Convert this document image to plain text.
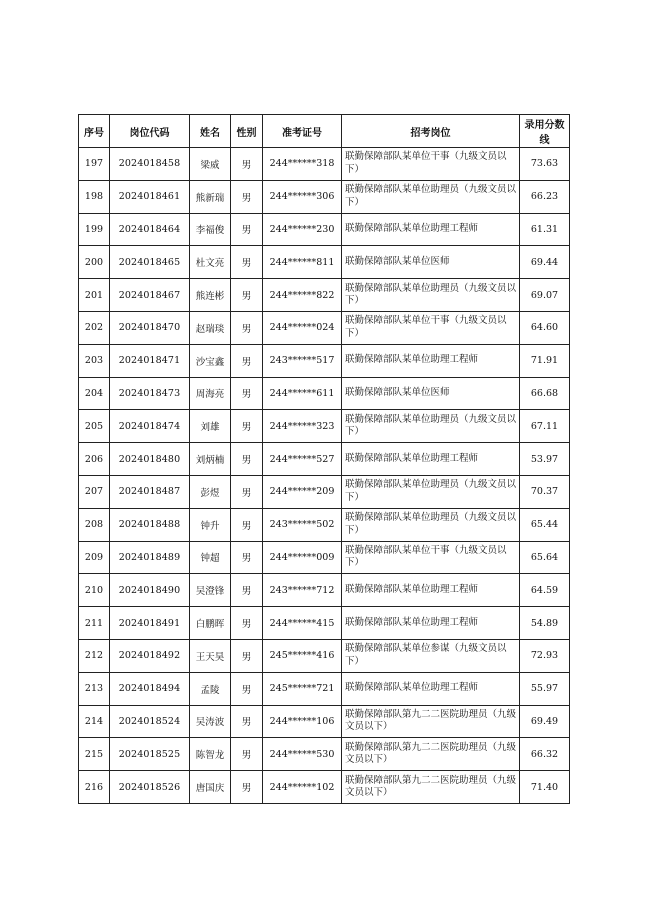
序号	岗位代码	姓名	性别	准考证号	招考岗位	录用分数线
197	2024018458	梁威	男	244******318	联勤保障部队某单位干事（九级文员以下）	73.63
198	2024018461	熊新瑞	男	244******306	联勤保障部队某单位助理员（九级文员以下）	66.23
199	2024018464	李福俊	男	244******230	联勤保障部队某单位助理工程师	61.31
200	2024018465	杜文亮	男	244******811	联勤保障部队某单位医师	69.44
201	2024018467	熊连彬	男	244******822	联勤保障部队某单位助理员（九级文员以下）	69.07
202	2024018470	赵瑞琰	男	244******024	联勤保障部队某单位干事（九级文员以下）	64.60
203	2024018471	沙宝鑫	男	243******517	联勤保障部队某单位助理工程师	71.91
204	2024018473	周海亮	男	244******611	联勤保障部队某单位医师	66.68
205	2024018474	刘雄	男	244******323	联勤保障部队某单位助理员（九级文员以下）	67.11
206	2024018480	刘炳楠	男	244******527	联勤保障部队某单位助理工程师	53.97
207	2024018487	彭煜	男	244******209	联勤保障部队某单位助理员（九级文员以下）	70.37
208	2024018488	钟升	男	243******502	联勤保障部队某单位助理员（九级文员以下）	65.44
209	2024018489	钟超	男	244******009	联勤保障部队某单位干事（九级文员以下）	65.64
210	2024018490	吴澄锋	男	243******712	联勤保障部队某单位助理工程师	64.59
211	2024018491	白鹏晖	男	244******415	联勤保障部队某单位助理工程师	54.89
212	2024018492	王天昊	男	245******416	联勤保障部队某单位参谋（九级文员以下）	72.93
213	2024018494	孟陵	男	245******721	联勤保障部队某单位助理工程师	55.97
214	2024018524	吴涛波	男	244******106	联勤保障部队第九二二医院助理员（九级文员以下）	69.49
215	2024018525	陈智龙	男	244******530	联勤保障部队第九二二医院助理员（九级文员以下）	66.32
216	2024018526	唐国庆	男	244******102	联勤保障部队第九二二医院助理员（九级文员以下）	71.40
